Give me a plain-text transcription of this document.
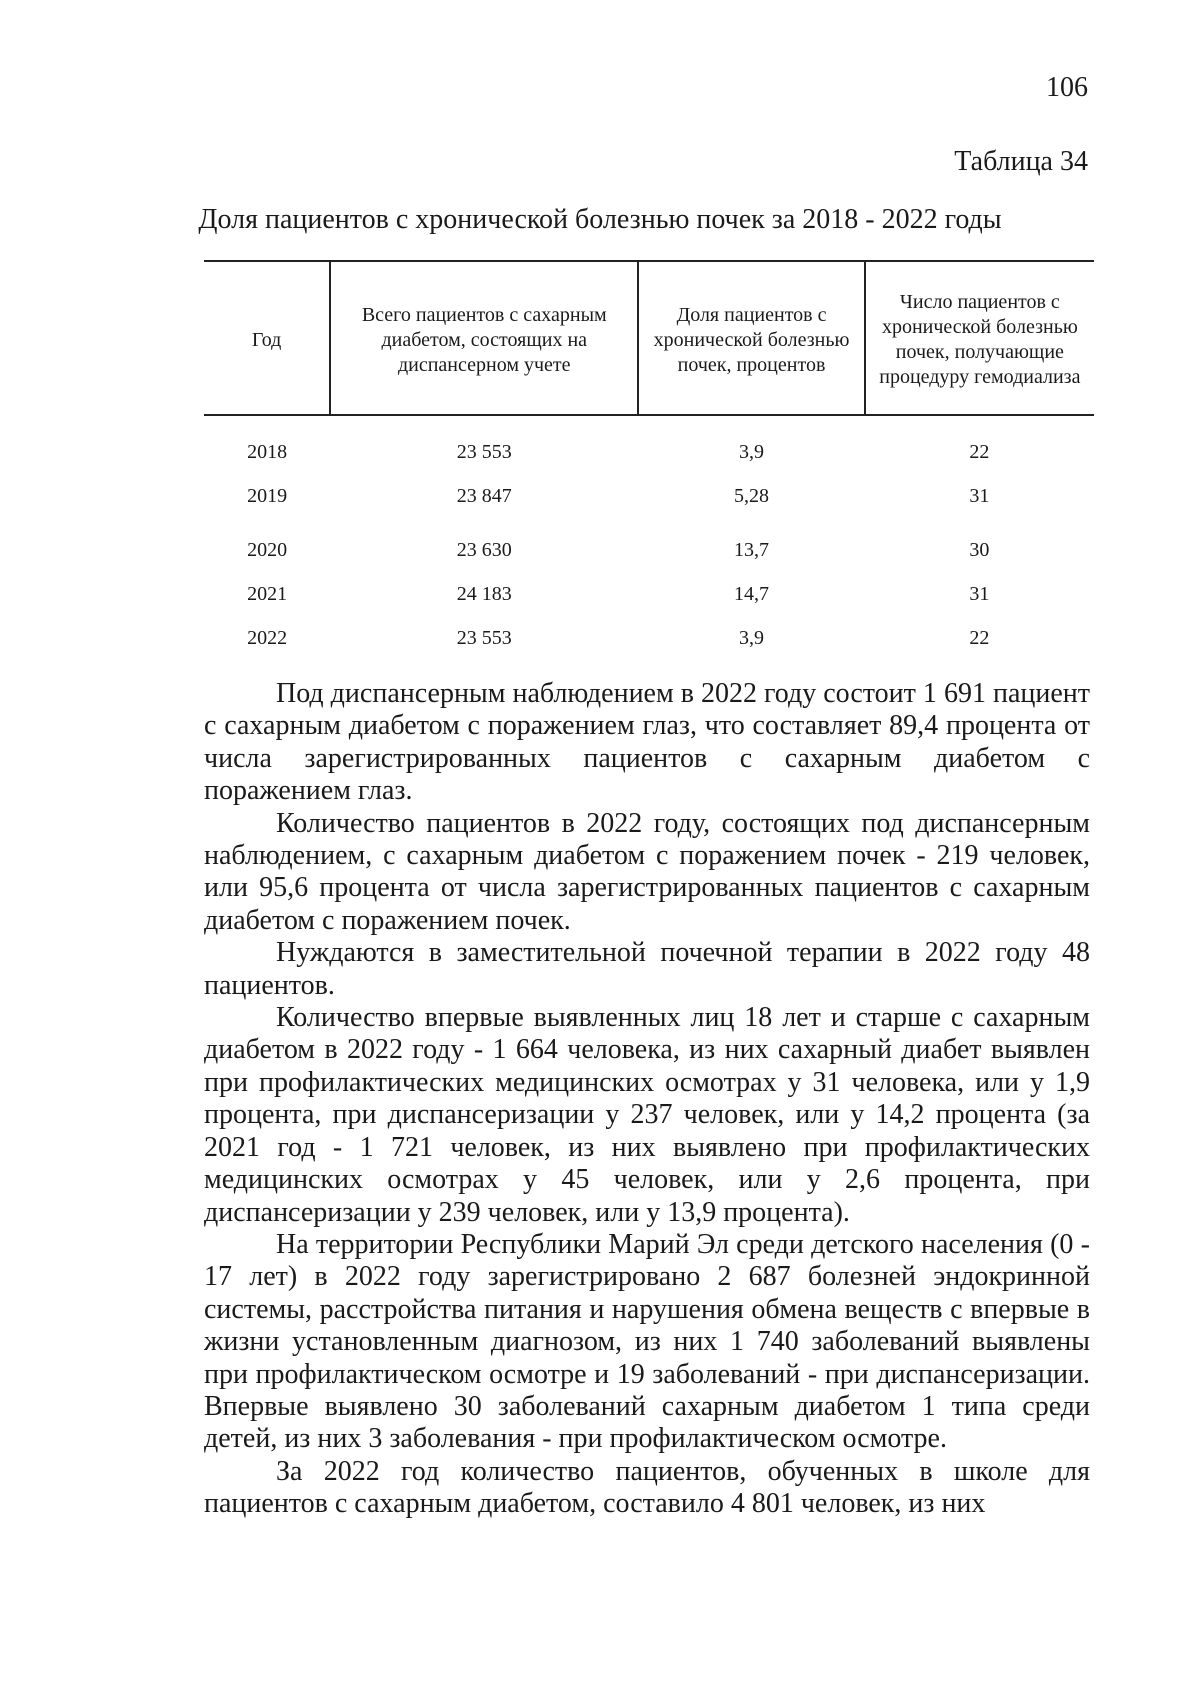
106
Таблица 34
Доля пациентов с хронической болезнью почек за 2018 - 2022 годы
Год	Всего пациентов с сахарным диабетом, состоящих на диспансерном учете	Доля пациентов с хронической болезнью почек, процентов	Число пациентов с хронической болезнью почек, получающие процедуру гемодиализа
2018	23 553	3,9	22
2019	23 847	5,28	31
2020	23 630	13,7	30
2021	24 183	14,7	31
2022	23 553	3,9	22

Под диспансерным наблюдением в 2022 году состоит 1 691 пациент с сахарным диабетом с поражением глаз, что составляет 89,4 процента от числа зарегистрированных пациентов с сахарным диабетом с поражением глаз.

Количество пациентов в 2022 году, состоящих под диспансерным наблюдением, с сахарным диабетом с поражением почек - 219 человек, или 95,6 процента от числа зарегистрированных пациентов с сахарным диабетом с поражением почек.

Нуждаются в заместительной почечной терапии в 2022 году 48 пациентов.

Количество впервые выявленных лиц 18 лет и старше с сахарным диабетом в 2022 году - 1 664 человека, из них сахарный диабет выявлен при профилактических медицинских осмотрах у 31 человека, или у 1,9 процента, при диспансеризации у 237 человек, или у 14,2 процента (за 2021 год - 1 721 человек, из них выявлено при профилактических медицинских осмотрах у 45 человек, или у 2,6 процента, при диспансеризации у 239 человек, или у 13,9 процента).

На территории Республики Марий Эл среди детского населения (0 - 17 лет) в 2022 году зарегистрировано 2 687 болезней эндокринной системы, расстройства питания и нарушения обмена веществ с впервые в жизни установленным диагнозом, из них 1 740 заболеваний выявлены при профилактическом осмотре и 19 заболеваний - при диспансеризации. Впервые выявлено 30 заболеваний сахарным диабетом 1 типа среди детей, из них 3 заболевания - при профилактическом осмотре.

За 2022 год количество пациентов, обученных в школе для пациентов с сахарным диабетом, составило 4 801 человек, из них
